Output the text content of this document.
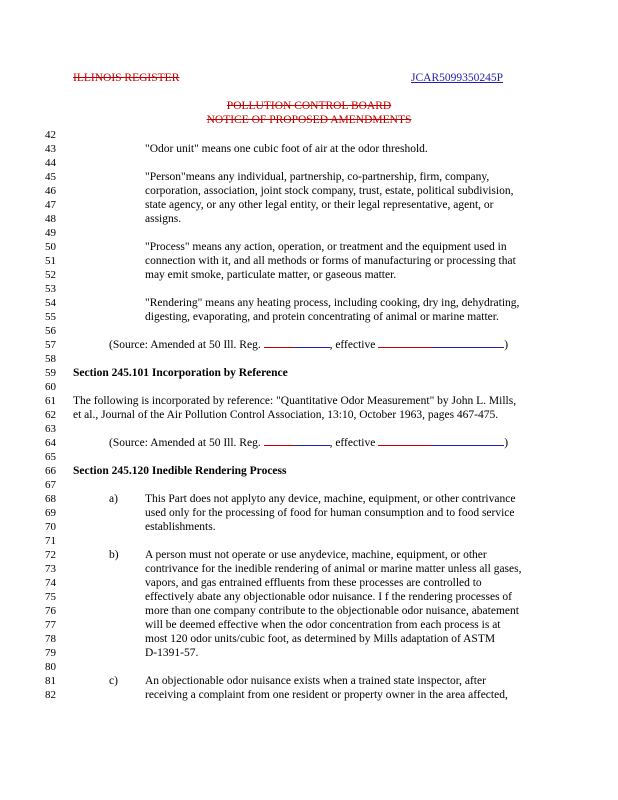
ILLINOIS REGISTER	JCAR5099350245P
POLLUTION CONTROL BOARD
NOTICE OF PROPOSED AMENDMENTS
42
43
44
45
46
47
48
49
50
51
52
53
54
55
56
57
58
59
60
61
62
63
64
65
66
67
68
69
70
71
72
73
74
75
76
77
78
79
80
81
82
"Odor unit" means one cubic foot of air at the odor threshold.
"Person"means any individual, partnership, co-partnership, firm, company,
corporation, association, joint stock company, trust, estate, political subdivision,
state agency, or any other legal entity, or their legal representative, agent, or
assigns.
"Process" means any action, operation, or treatment and the equipment used in
connection with it, and all methods or forms of manufacturing or processing that
may emit smoke, particulate matter, or gaseous matter.
"Rendering" means any heating process, including cooking, dry ing, dehydrating,
digesting, evaporating, and protein concentrating of animal or marine matter.
(Source: Amended at 50 Ill. Reg.	, effective	)
Section 245.101 Incorporation by Reference
The following is incorporated by reference: "Quantitative Odor Measurement" by John L. Mills,
et al., Journal of the Air Pollution Control Association, 13:10, October 1963, pages 467-475.
(Source: Amended at 50 Ill. Reg.	, effective	)
Section 245.120 Inedible Rendering Process
a) This Part does not applyto any device, machine, equipment, or other contrivance
used only for the processing of food for human consumption and to food service
establishments.
b) A person must not operate or use anydevice, machine, equipment, or other
contrivance for the inedible rendering of animal or marine matter unless all gases,
vapors, and gas entrained effluents from these processes are controlled to
effectively abate any objectionable odor nuisance. I f the rendering processes of
more than one company contribute to the objectionable odor nuisance, abatement
will be deemed effective when the odor concentration from each process is at
most 120 odor units/cubic foot, as determined by Mills adaptation of ASTM
D-1391-57.
c) An objectionable odor nuisance exists when a trained state inspector, after
receiving a complaint from one resident or property owner in the area affected,
